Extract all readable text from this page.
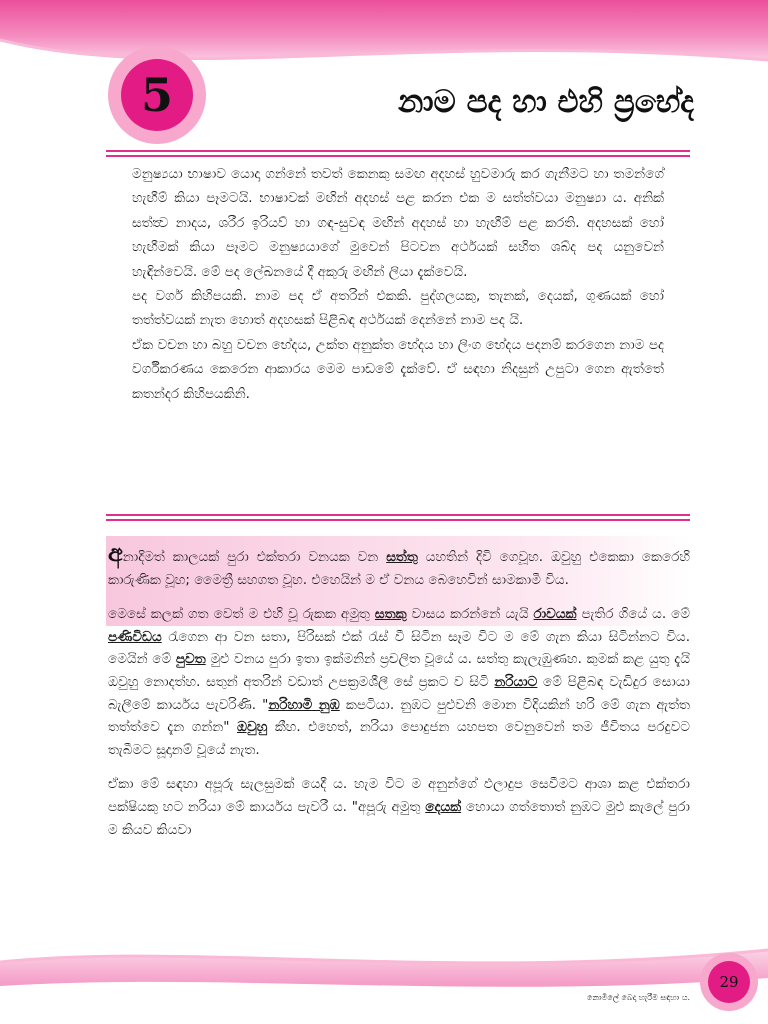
5	නාම පද හා එහි ප්‍රභේද

මනුෂ්‍යයා භාෂාව යොදා ගන්නේ තවත් කෙනකු සමඟ අදහස් හුවමාරු කර ගැනීමට හා තමන්ගේ හැඟීම් කියා පෑමටයි. භාෂාවක් මඟින් අදහස් පළ කරන එක ම සත්ත්වයා මනුෂ්‍යා ය. අනික් සත්ත්‍ව නාදය, ශරීර ඉරියව් හා ගඳ-සුවඳ මඟින් අදහස් හා හැඟීම් පළ කරති. අදහසක් හෝ හැඟීමක් කියා පෑමට මනුෂ්‍යයාගේ මුවෙන් පිටවන අර්ථයක් සහිත ශබ්ද පද යනුවෙන් හැඳින්වෙයි. මේ පද ලේඛනයේ දී අකුරු මඟින් ලියා දැක්වෙයි.

පද වර්ග කිහිපයකි. නාම පද ඒ අතරින් එකකි. පුද්ගලයකු, තැනක්, දෙයක්, ගුණයක් හෝ තත්ත්වයක් නැත හොත් අදහසක් පිළිබඳ අර්ථයක් දෙන්නේ නාම පද යි.

ඒක වචන හා බහු වචන භේදය, උක්ත අනුක්ත භේදය හා ලිංග භේදය පදනම් කරගෙන නාම පද වර්ගීකරණය කෙරෙන ආකාරය මෙම පාඩමේ දැක්වේ. ඒ සඳහා නිදසුන් උපුටා ගෙන ඇත්තේ කතන්දර කිහිපයකිනි.

අනාදිමත් කාලයක් පුරා එක්තරා වනයක වන සත්තු යහතින් දිවි ගෙවූහ. ඔවුහු එකෙකා කෙරෙහි කාරුණික වූහ; මෛත්‍රී සහගත වූහ. එහෙයින් ම ඒ වනය බෙහෙවින් සාමකාමී විය.

මෙසේ කලක් ගත වෙත් ම එහි වූ රුකක අමුතු සතකු වාසය කරන්නේ යැයි රාවයක් පැතිර ගියේ ය. මේ පණිවිඩය රැගෙන ආ වන සතා, පිරිසක් එක් රැස් වී සිටින සෑම විට ම මේ ගැන කියා සිටින්නට විය. මෙයින් මේ පුවත මුළු වනය පුරා ඉතා ඉක්මනින් ප්‍රචලිත වූයේ ය. සත්තු කැලැඹුණහ. කුමක් කළ යුතු දැයි ඔවුහු නොදත්හ. සතුන් අතරින් වඩාත් උපක්‍රමශීලී සේ ප්‍රකට ව සිටි නරියාට මේ පිළිබඳ වැඩිදුර සොයා බැලීමේ කාර්යය පැවරිණි. "නරිහාමි නුඹ කපටියා. නුඹට පුළුවනි මොන විදියකින් හරි මේ ගැන ඇත්ත තත්ත්වෙ දැන ගන්න" ඔවුහු කීහ. එහෙත්, නරියා පොදුජන යහපත වෙනුවෙන් තම ජීවිතය පරදුවට තැබීමට සූදානම් වූයේ නැත.

ඒකා මේ සඳහා අපූරු සැලසුමක් යෙදී ය. හැම විට ම අනුන්ගේ ඵලාදුප සෙවීමට ආශා කළ එක්තරා පක්ෂියකු හට නරියා මේ කාර්යය පැවරී ය. "අපූරු අමුතු දෙයක් හොයා ගත්තොත් නුඹට මුළු කැලේ පුරා ම කියව කියවා

29
නොමිලේ බෙදා හැරීම සඳහා ය.
